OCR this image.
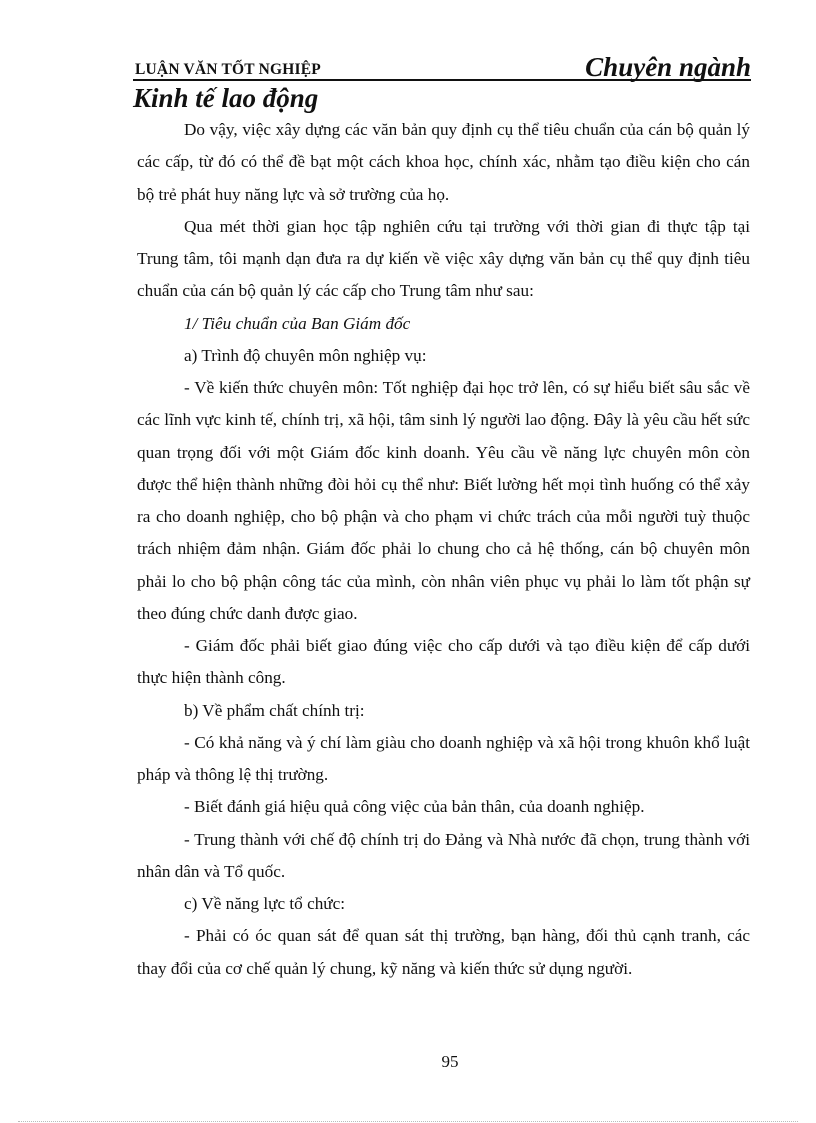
LUẬN VĂN TỐT NGHIỆP	Chuyên ngành
Kinh tế lao động

Do vậy, việc xây dựng các văn bản quy định cụ thể tiêu chuẩn của cán bộ quản lý các cấp, từ đó có thể đề bạt một cách khoa học, chính xác, nhằm tạo điều kiện cho cán bộ trẻ phát huy năng lực và sở trường của họ.

Qua mét thời gian học tập nghiên cứu tại trường với thời gian đi thực tập tại Trung tâm, tôi mạnh dạn đưa ra dự kiến về việc xây dựng văn bản cụ thể quy định tiêu chuẩn của cán bộ quản lý các cấp cho Trung tâm như sau:

1/ Tiêu chuẩn của Ban Giám đốc

a) Trình độ chuyên môn nghiệp vụ:

- Về kiến thức chuyên môn: Tốt nghiệp đại học trở lên, có sự hiểu biết sâu sắc về các lĩnh vực kinh tế, chính trị, xã hội, tâm sinh lý người lao động. Đây là yêu cầu hết sức quan trọng đối với một Giám đốc kinh doanh. Yêu cầu về năng lực chuyên môn còn được thể hiện thành những đòi hỏi cụ thể như: Biết lường hết mọi tình huống có thể xảy ra cho doanh nghiệp, cho bộ phận và cho phạm vi chức trách của mỗi người tuỳ thuộc trách nhiệm đảm nhận. Giám đốc phải lo chung cho cả hệ thống, cán bộ chuyên môn phải lo cho bộ phận công tác của mình, còn nhân viên phục vụ phải lo làm tốt phận sự theo đúng chức danh được giao.

- Giám đốc phải biết giao đúng việc cho cấp dưới và tạo điều kiện để cấp dưới thực hiện thành công.

b) Về phẩm chất chính trị:

- Có khả năng và ý chí làm giàu cho doanh nghiệp và xã hội trong khuôn khổ luật pháp và thông lệ thị trường.

- Biết đánh giá hiệu quả công việc của bản thân, của doanh nghiệp.

- Trung thành với chế độ chính trị do Đảng và Nhà nước đã chọn, trung thành với nhân dân và Tổ quốc.

c) Về năng lực tổ chức:

- Phải có óc quan sát để quan sát thị trường, bạn hàng, đối thủ cạnh tranh, các thay đổi của cơ chế quản lý chung, kỹ năng và kiến thức sử dụng người.

95
